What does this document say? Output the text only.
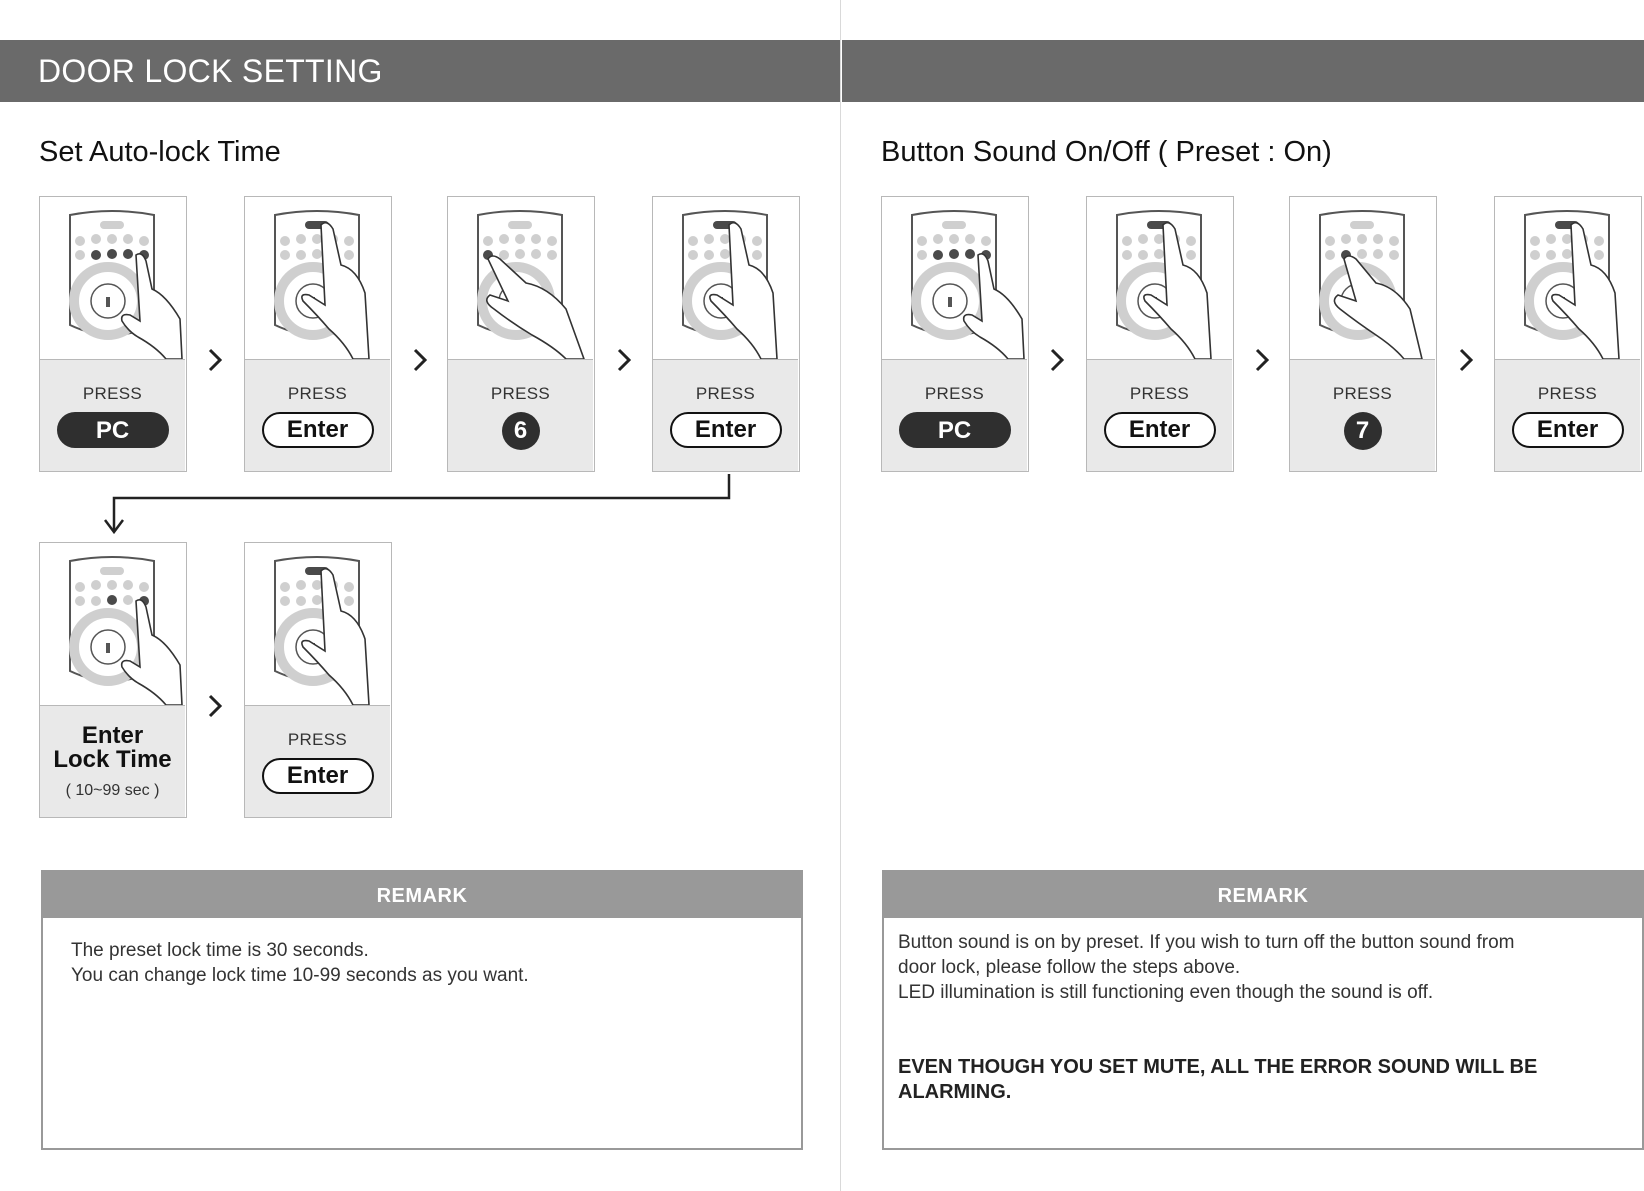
DOOR LOCK SETTING
Set Auto-lock Time	Button Sound On/Off ( Preset : On)
PRESS
PC
PRESS
Enter
PRESS
6
PRESS
Enter
Enter
Lock Time
( 10~99 sec )
PRESS
Enter
REMARK
The preset lock time is 30 seconds.
You can change lock time 10-99 seconds as you want.
PRESS
PC
PRESS
Enter
PRESS
7
PRESS
Enter
REMARK
Button sound is on by preset. If you wish to turn off the button sound from
door lock, please follow the steps above.
LED illumination is still functioning even though the sound is off.
EVEN THOUGH YOU SET MUTE, ALL THE ERROR SOUND WILL BE ALARMING.
